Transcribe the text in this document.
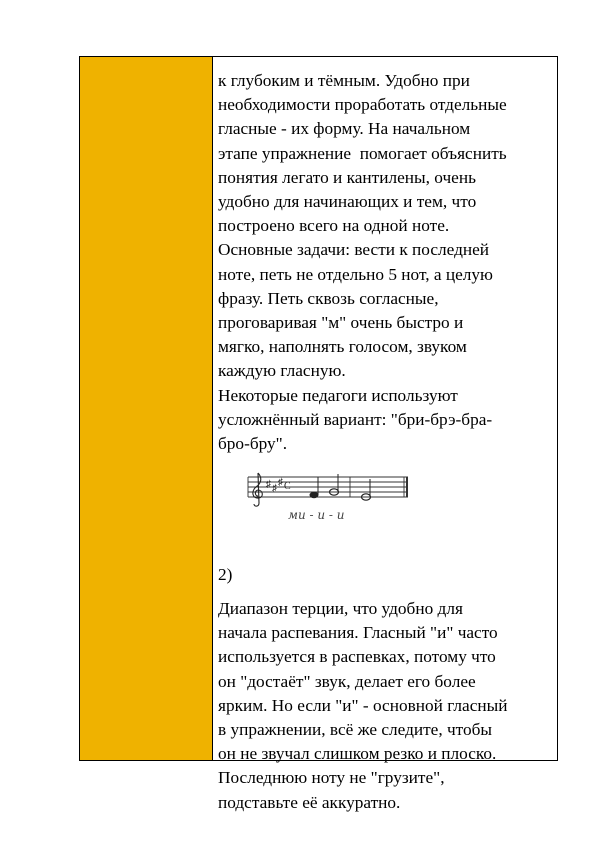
к глубоким и тёмным. Удобно при

необходимости проработать отдельные

гласные - их форму. На начальном

этапе упражнение  помогает объяснить

понятия легато и кантилены, очень

удобно для начинающих и тем, что

построено всего на одной ноте.

Основные задачи: вести к последней

ноте, петь не отдельно 5 нот, а целую

фразу. Петь сквозь согласные,

проговаривая "м" очень быстро и

мягко, наполнять голосом, звуком

каждую гласную.

Некоторые педагоги используют

усложнённый вариант: "бри-брэ-бра-

бро-бру".

♯ ♯
♯ C
ми - и - и
2)

Диапазон терции, что удобно для

начала распевания. Гласный "и" часто

используется в распевках, потому что

он "достаёт" звук, делает его более

ярким. Но если "и" - основной гласный

в упражнении, всё же следите, чтобы

он не звучал слишком резко и плоско.

Последнюю ноту не "грузите",

подставьте её аккуратно.
